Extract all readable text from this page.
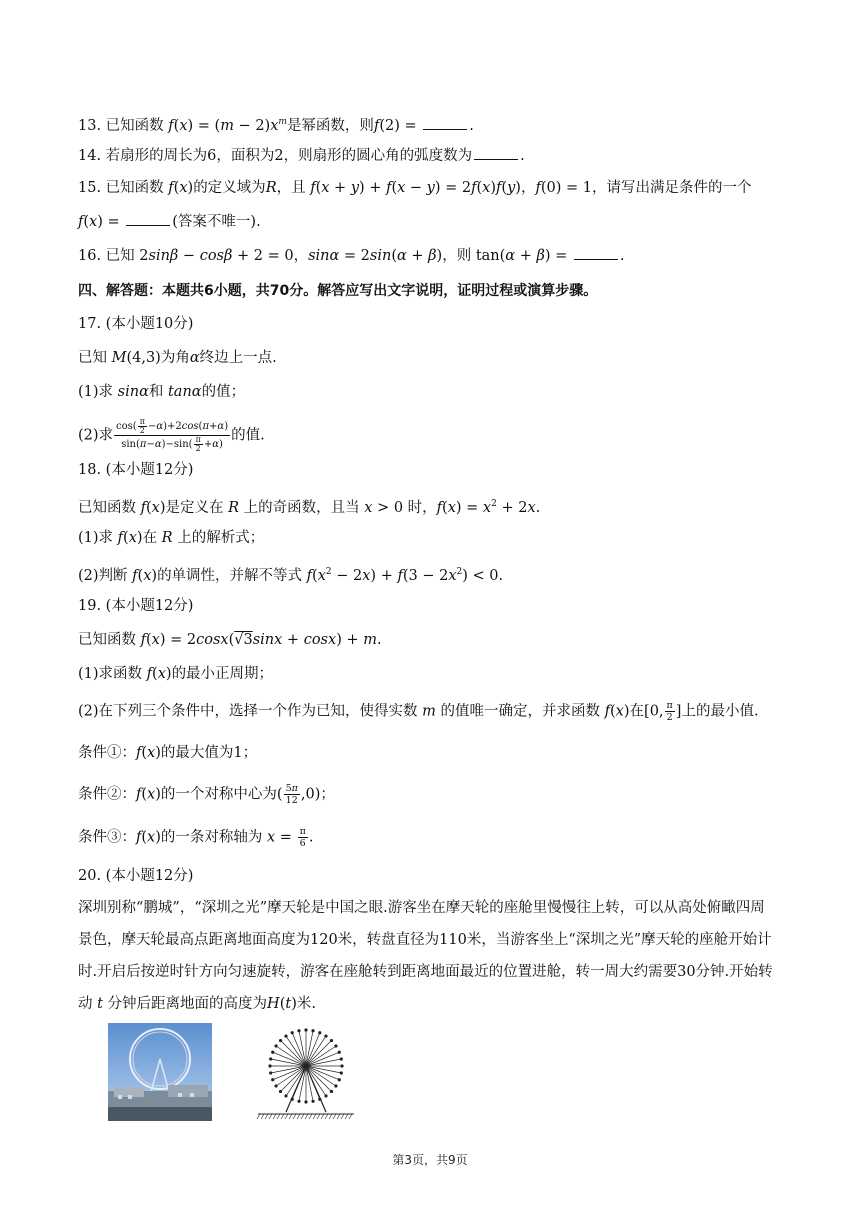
13. 已知函数 $f(x) = (m - 2)x^m$是幂函数，则f(2) =	.
14. 若扇形的周长为6，面积为2，则扇形的圆心角的弧度数为	.
15. 已知函数 f(x)的定义域为R，且 f(x + y) + f(x − y) = 2f(x)f(y)，f(0) = 1，请写出满足条件的一个
f(x) =	(答案不唯一).
16. 已知 2sinβ − cosβ + 2 = 0，sinα = 2sin(α + β)，则 tan(α + β) =	.
四、解答题：本题共6小题，共70分。解答应写出文字说明，证明过程或演算步骤。
17. (本小题10分)
已知 M(4,3)为角α终边上一点.
(1)求 sinα和 tanα的值；
(2)求 $\frac{\cos( \frac{\pi}{2} -\alpha)+2\cos(\pi+\alpha)}{\sin(\pi-\alpha)-\sin( \frac{\pi}{2} +\alpha)}$ 的值.
18. (本小题12分)
已知函数 f(x)是定义在 R 上的奇函数，且当 x > 0 时，$f(x) = x^2 + 2x$.
(1)求 f(x)在 R 上的解析式；
(2)判断 f(x)的单调性，并解不等式 $f(x^2 - 2x) + f(3 - 2x^2) < 0$.
19. (本小题12分)
已知函数 f(x) = 2cosx(√3sinx + cosx) + m.
(1)求函数 f(x)的最小正周期；
(2)在下列三个条件中，选择一个作为已知，使得实数 m 的值唯一确定，并求函数 f(x)在[0, $\frac{\pi}{2}$ ]上的最小值.
条件①：f(x)的最大值为1；
条件②：f(x)的一个对称中心为( $\frac{5\pi}{12} ,0$)；
条件③：f(x)的一条对称轴为 $x = \frac{\pi}{6}$ .
20. (本小题12分)
深圳别称“鹏城”，“深圳之光”摩天轮是中国之眼.游客坐在摩天轮的座舱里慢慢往上转，可以从高处俯瞰四周景色，摩天轮最高点距离地面高度为120米，转盘直径为110米，当游客坐上“深圳之光”摩天轮的座舱开始计时.开启后按逆时针方向匀速旋转，游客在座舱转到距离地面最近的位置进舱，转一周大约需要30分钟.开始转动 t 分钟后距离地面的高度为H(t)米.
第3页，共9页
